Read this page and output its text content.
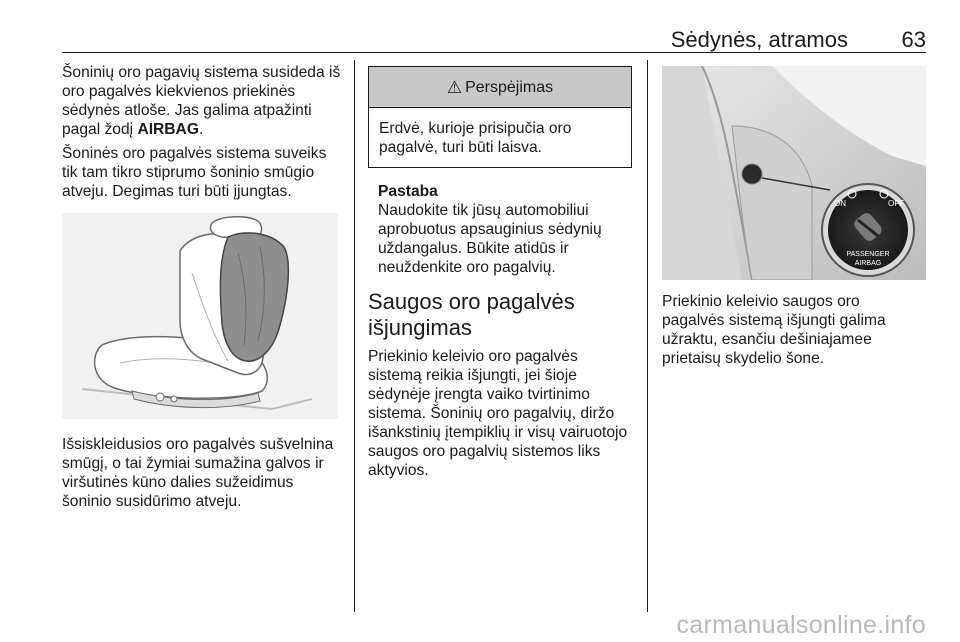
Sėdynės, atramos 63

Šoninių oro pagavių sistema susideda iš oro pagalvės kiekvienos priekinės sėdynės atlošе. Jas galima atpažinti pagal žodį AIRBAG.

Šoninės oro pagalvės sistema suveiks tik tam tikro stiprumo šoninio smūgio atveju. Degimas turi būti įjungtas.

Išsiskleidusios oro pagalvės sušvelnina smūgį, o tai žymiai sumažina galvos ir viršutinės kūno dalies sužeidimus šoninio susidūrimo atveju.

⚠ Perspėjimas
Erdvė, kurioje prisipučia oro pagalvė, turi būti laisva.
Pastaba
Naudokite tik jūsų automobiliui aprobuotus apsauginius sėdynių uždangalus. Būkite atidūs ir neuždenkite oro pagalvių.
Saugos oro pagalvės išjungimas
Priekinio keleivio oro pagalvės sistemą reikia išjungti, jei šioje sėdynėje įrengta vaiko tvirtinimo sistema. Šoninių oro pagalvių, diržo išankstinių įtempiklių ir visų vairuotojo saugos oro pagalvių sistemos liks aktyvios.
ON	OFF
PASSENGER
AIRBAG

Priekinio keleivio saugos oro pagalvės sistemą išjungti galima užraktu, esančiu dešiniajamee prietaisų skydelio šone.

carmanualsonline.info
